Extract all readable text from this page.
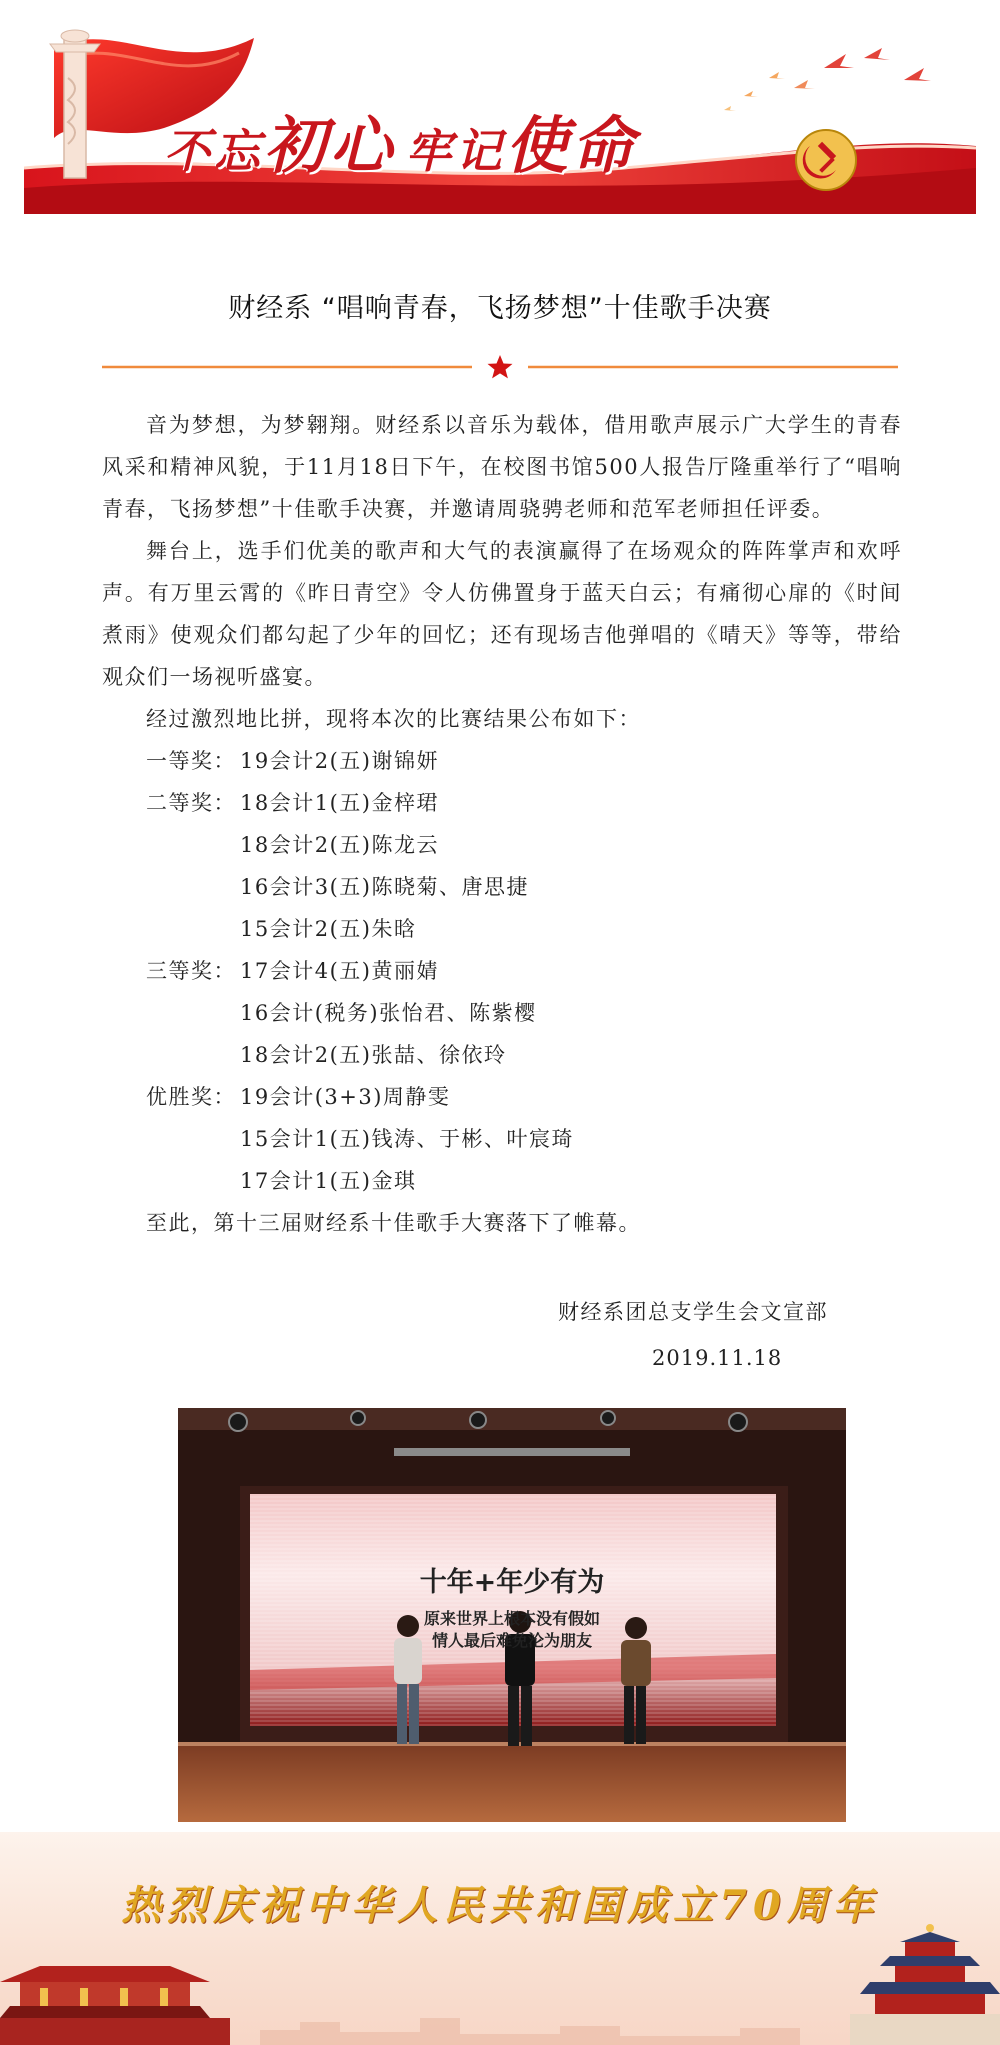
不忘初心 牢记使命
财经系 “唱响青春，飞扬梦想”十佳歌手决赛

音为梦想，为梦翱翔。财经系以音乐为载体，借用歌声展示广大学生的青春风采和精神风貌，于11月18日下午，在校图书馆500人报告厅隆重举行了“唱响青春，飞扬梦想”十佳歌手决赛，并邀请周骁骋老师和范军老师担任评委。

舞台上，选手们优美的歌声和大气的表演赢得了在场观众的阵阵掌声和欢呼声。有万里云霄的《昨日青空》令人仿佛置身于蓝天白云；有痛彻心扉的《时间煮雨》使观众们都勾起了少年的回忆；还有现场吉他弹唱的《晴天》等等，带给观众们一场视听盛宴。

经过激烈地比拼，现将本次的比赛结果公布如下：

一等奖： 19会计2(五)谢锦妍

二等奖： 18会计1(五)金梓珺

18会计2(五)陈龙云

16会计3(五)陈晓菊、唐思捷

15会计2(五)朱晗

三等奖： 17会计4(五)黄丽婧

16会计(税务)张怡君、陈紫樱

18会计2(五)张喆、徐依玲

优胜奖： 19会计(3+3)周静雯

15会计1(五)钱涛、于彬、叶宸琦

17会计1(五)金琪

至此，第十三届财经系十佳歌手大赛落下了帷幕。

财经系团总支学生会文宣部
2019.11.18
十年+年少有为
原来世界上根本没有假如
情人最后难免沦为朋友
热烈庆祝中华人民共和国成立70周年
